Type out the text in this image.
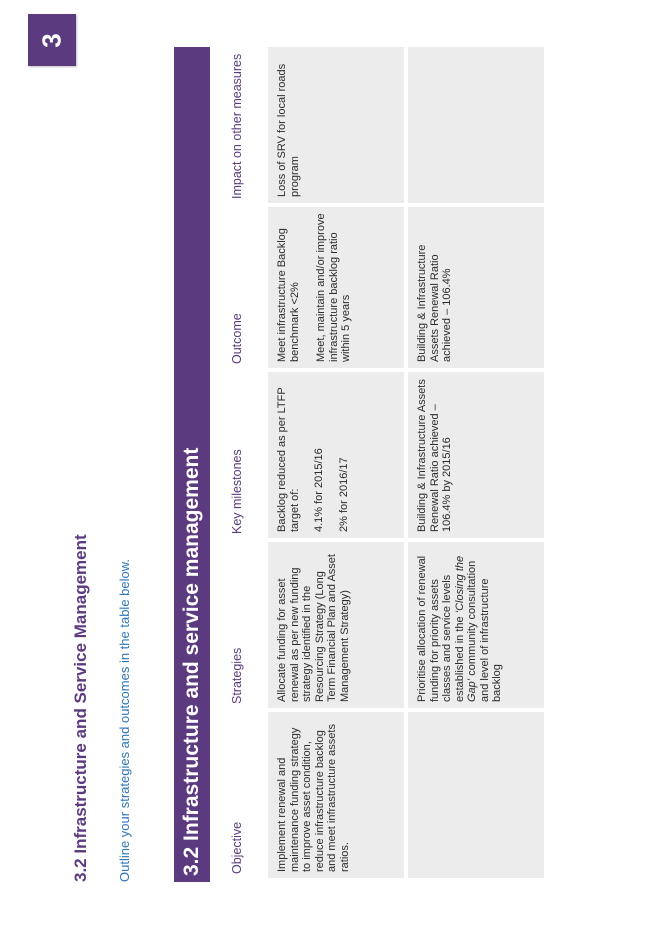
3
3.2 Infrastructure and Service Management Outline your strategies and outcomes in the table below. 3.2 Infrastructure and service management	Objective	Strategies	Key milestones	Outcome	Impact on other measures
Implement renewal and maintenance funding strategy to improve asset condition, reduce infrastructure backlog and meet infrastructure assets ratios.	Allocate funding for asset renewal as per new funding strategy identified in the Resourcing Strategy (Long Term Financial Plan and Asset Management Strategy)	Backlog reduced as per LTFP target of: 4.1% for 2015/16 2% for 2016/17	Meet infrastructure Backlog benchmark <2% Meet, maintain and/or improve infrastructure backlog ratio within 5 years	Loss of SRV for local roads program
	Prioritise allocation of renewal funding for priority assets classes and service levels established in the ‘Closing the Gap’ community consultation and level of infrastructure backlog	Building & Infrastructure Assets Renewal Ratio achieved – 106.4% by 2015/16	Building & Infrastructure Assets Renewal Ratio achieved – 106.4%	
